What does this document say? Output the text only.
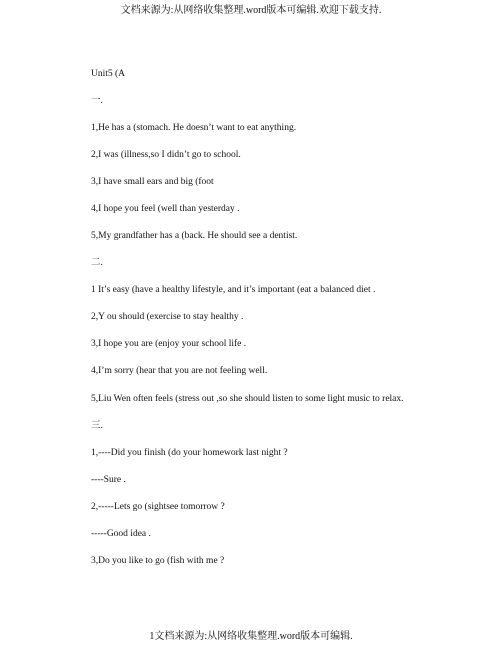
文档来源为:从网络收集整理.word版本可编辑.欢迎下载支持.
Unit5 (A
一.
1,He has a (stomach. He doesn’t want to eat anything.
2,I was (illness,so I didn’t go to school.
3,I have small ears and big (foot
4,I hope you feel (well than yesterday .
5,My grandfather has a (back. He should see a dentist.
二.
1 It’s easy (have a healthy lifestyle, and it’s important (eat a balanced diet .
2,Y ou should (exercise to stay healthy .
3,I hope you are (enjoy your school life .
4,I’m sorry (hear that you are not feeling well.
5,Liu Wen often feels (stress out ,so she should listen to some light music to relax.
三.
1,----Did you finish (do your homework last night ?
----Sure .
2,-----Lets go (sightsee tomorrow ?
-----Good idea .
3,Do you like to go (fish with me ?
1文档来源为:从网络收集整理.word版本可编辑.
